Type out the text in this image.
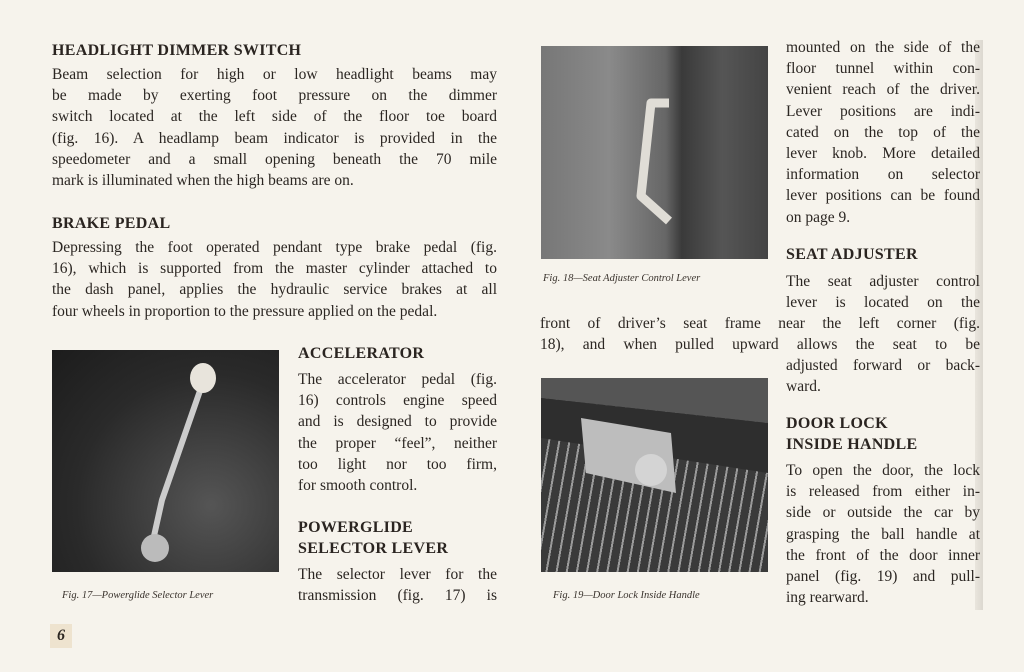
HEADLIGHT DIMMER SWITCH
Beam selection for high or low headlight beams may
be made by exerting foot pressure on the dimmer
switch located at the left side of the floor toe board
(fig. 16). A headlamp beam indicator is provided in the
speedometer and a small opening beneath the 70 mile
mark is illuminated when the high beams are on.
BRAKE PEDAL
Depressing the foot operated pendant type brake pedal (fig.
16), which is supported from the master cylinder attached to
the dash panel, applies the hydraulic service brakes at all
four wheels in proportion to the pressure applied on the pedal.
Fig. 17—Powerglide Selector Lever
ACCELERATOR
The accelerator pedal (fig.
16) controls engine speed
and is designed to provide
the proper “feel”, neither
too light nor too firm,
for smooth control.
POWERGLIDE
SELECTOR LEVER
The selector lever for the
transmission (fig. 17) is
Fig. 18—Seat Adjuster Control Lever
mounted on the side of the
floor tunnel within con-
venient reach of the driver.
Lever positions are indi-
cated on the top of the
lever knob. More detailed
information on selector
lever positions can be found
on page 9.
SEAT ADJUSTER
The seat adjuster control
lever is located on the
front of driver’s seat frame near the left corner (fig.
18), and when pulled upward allows the seat to be
adjusted forward or back-
ward.
Fig. 19—Door Lock Inside Handle
DOOR LOCK
INSIDE HANDLE
To open the door, the lock
is released from either in-
side or outside the car by
grasping the ball handle at
the front of the door inner
panel (fig. 19) and pull-
ing rearward.
6
